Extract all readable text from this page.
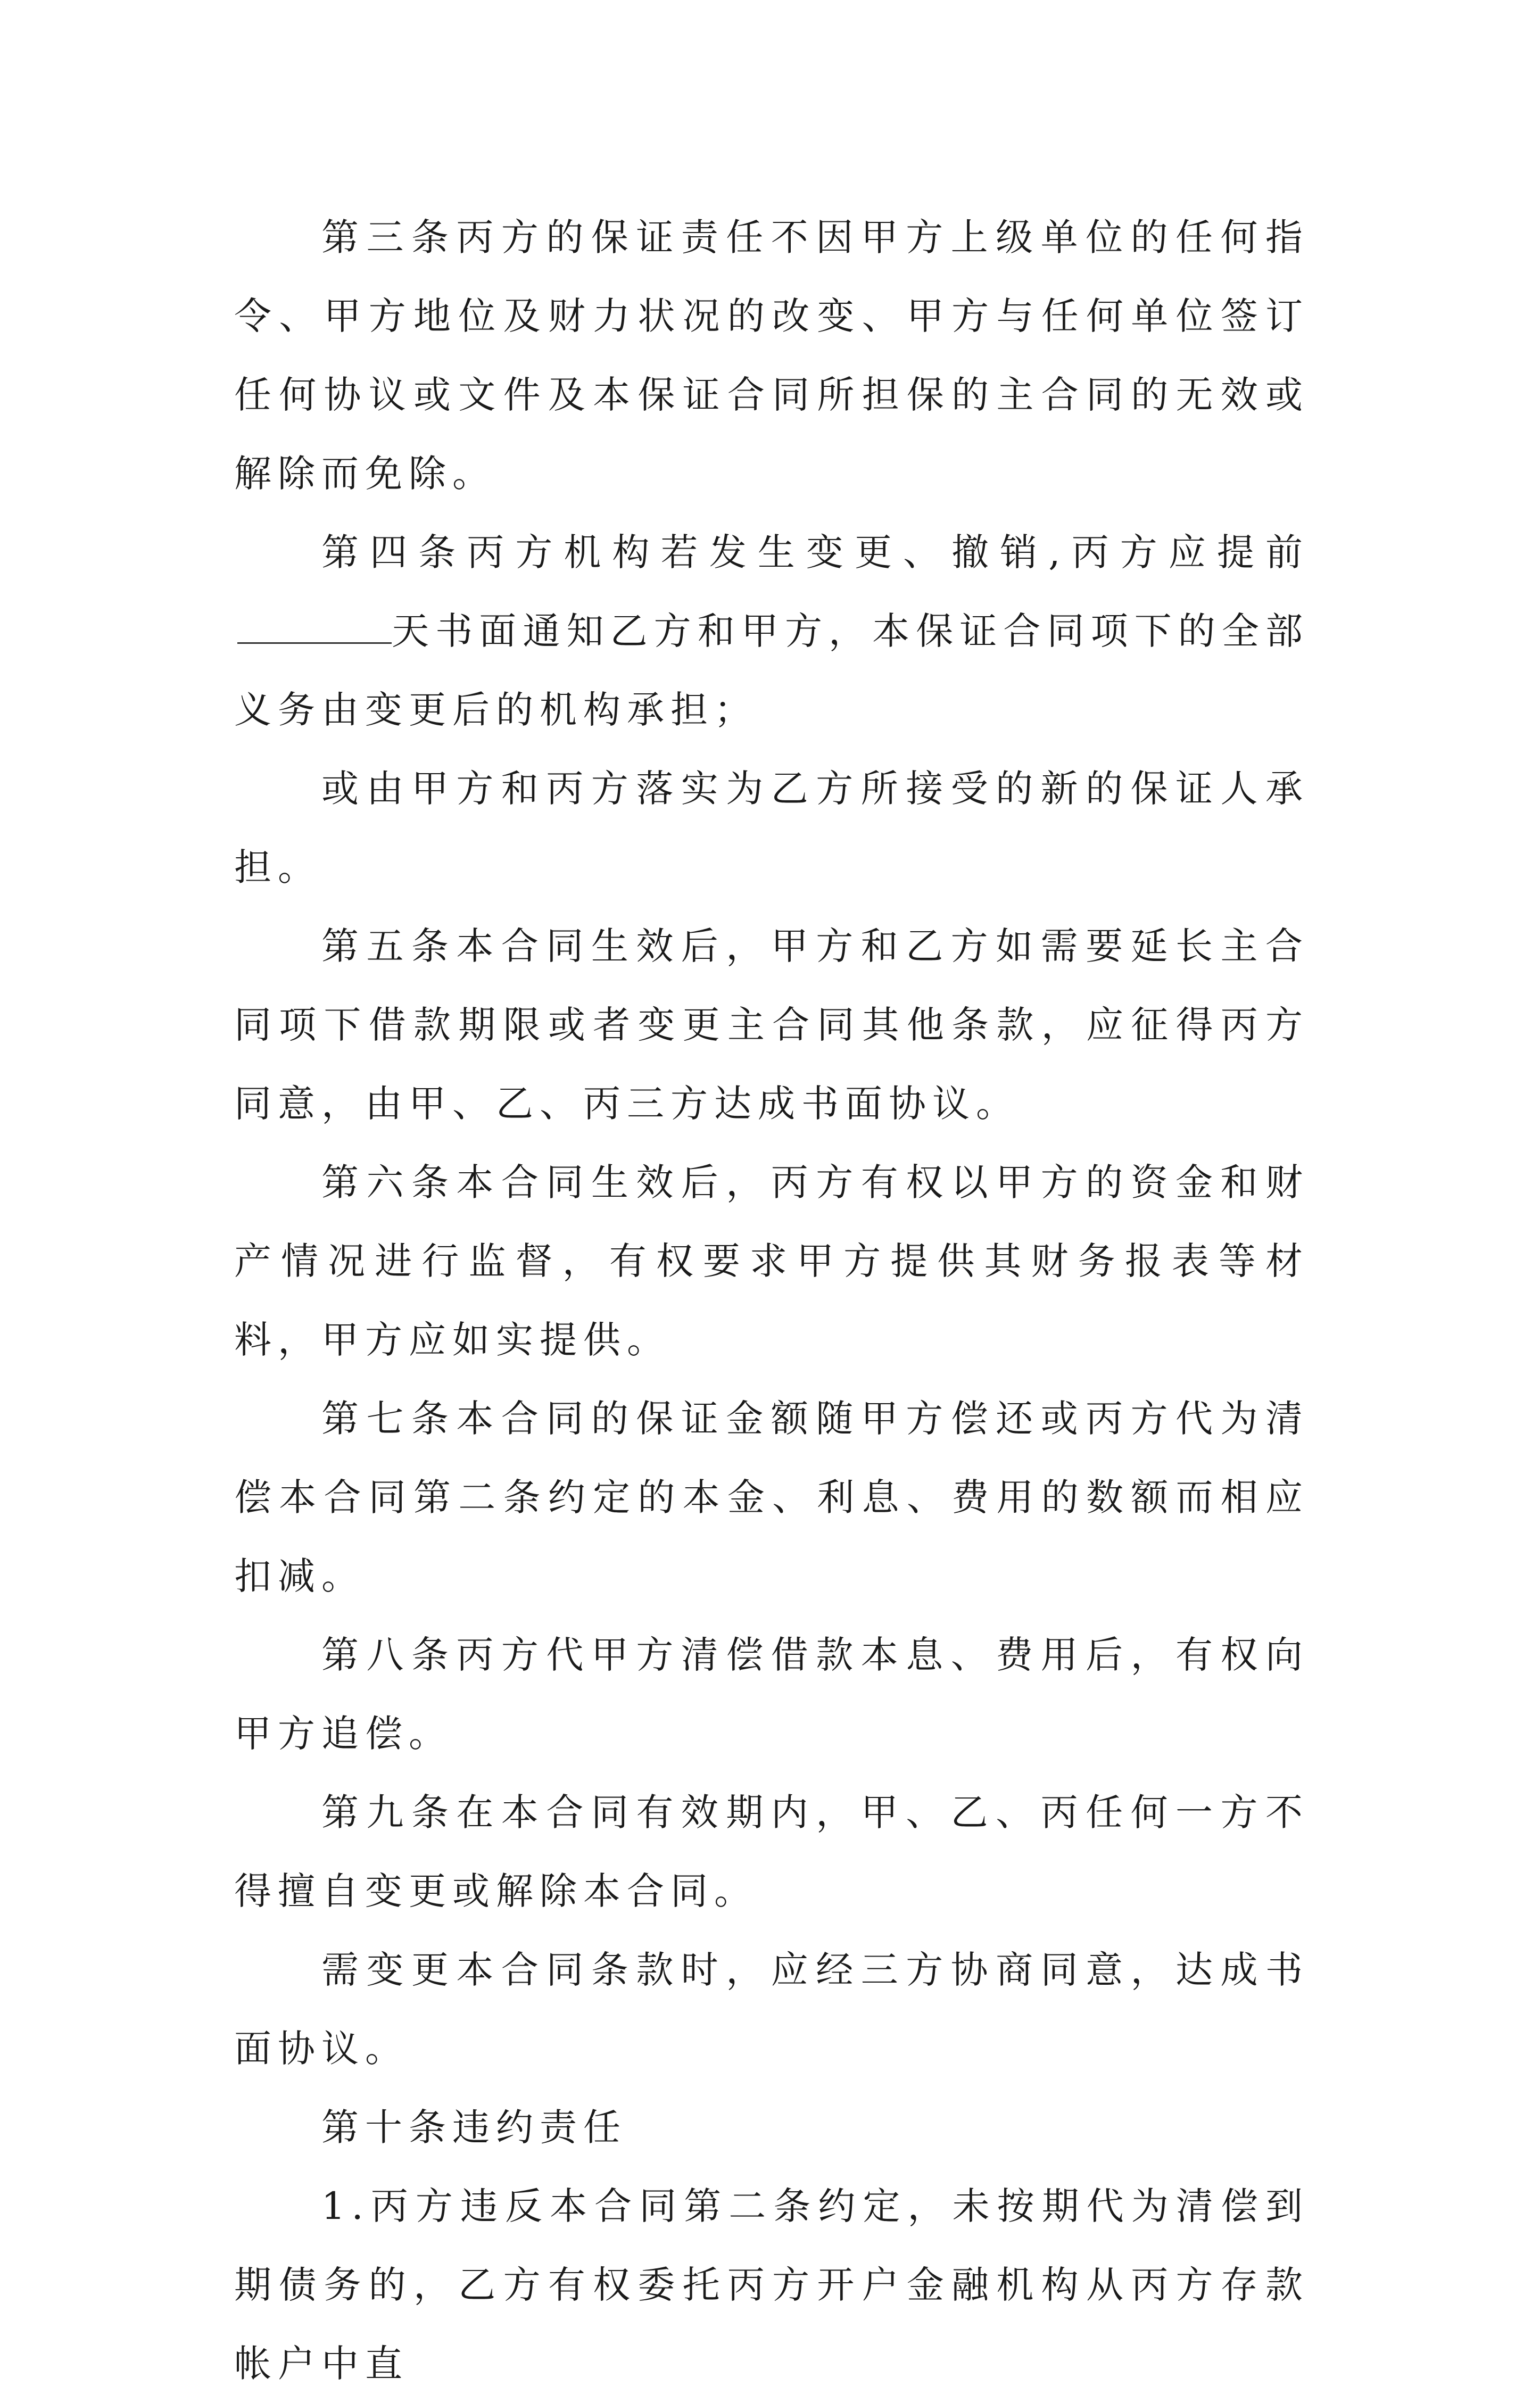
第三条丙方的保证责任不因甲方上级单位的任何指令、甲方地位及财力状况的改变、甲方与任何单位签订任何协议或文件及本保证合同所担保的主合同的无效或解除而免除。

第四条丙方机构若发生变更、撤销,丙方应提前天书面通知乙方和甲方，本保证合同项下的全部义务由变更后的机构承担；

或由甲方和丙方落实为乙方所接受的新的保证人承担。

第五条本合同生效后，甲方和乙方如需要延长主合同项下借款期限或者变更主合同其他条款，应征得丙方同意，由甲、乙、丙三方达成书面协议。

第六条本合同生效后，丙方有权以甲方的资金和财产情况进行监督，有权要求甲方提供其财务报表等材料，甲方应如实提供。

第七条本合同的保证金额随甲方偿还或丙方代为清偿本合同第二条约定的本金、利息、费用的数额而相应扣减。

第八条丙方代甲方清偿借款本息、费用后，有权向甲方追偿。

第九条在本合同有效期内，甲、乙、丙任何一方不得擅自变更或解除本合同。

需变更本合同条款时，应经三方协商同意，达成书面协议。

第十条违约责任

1.丙方违反本合同第二条约定，未按期代为清偿到期债务的，乙方有权委托丙方开户金融机构从丙方存款帐户中直
